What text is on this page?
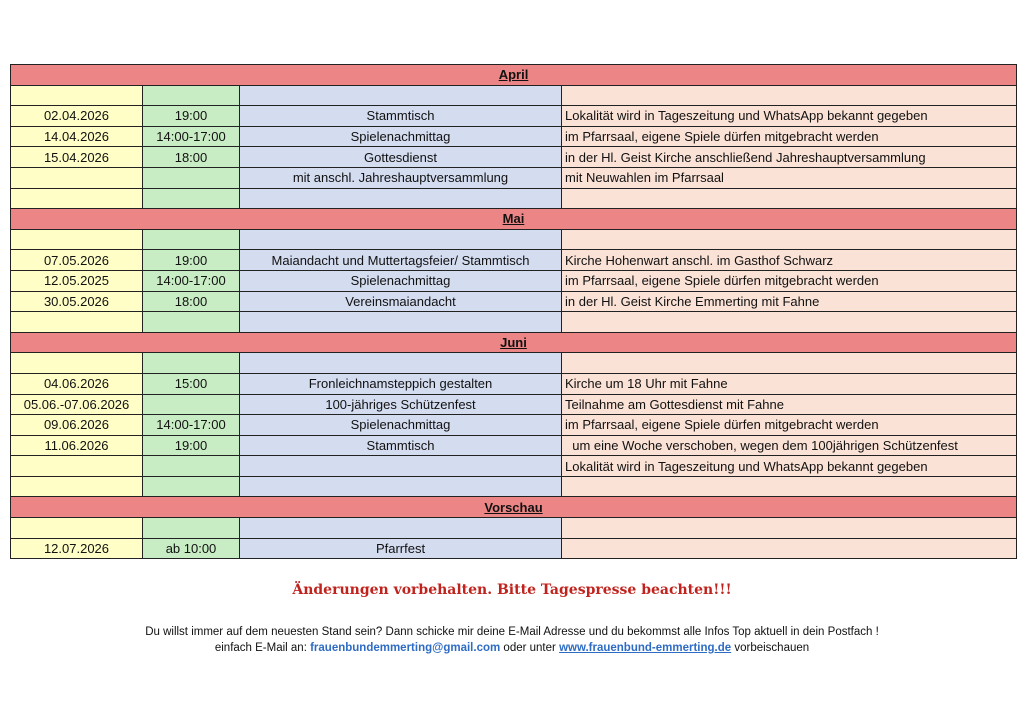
April			

02.04.2026	19:00	Stammtisch	Lokalität wird in Tageszeitung und WhatsApp bekannt gegeben
14.04.2026	14:00-17:00	Spielenachmittag	im Pfarrsaal, eigene Spiele dürfen mitgebracht werden
15.04.2026	18:00	Gottesdienst	in der Hl. Geist Kirche anschließend Jahreshauptversammlung
		mit anschl. Jahreshauptversammlung	mit Neuwahlen im Pfarrsaal

Mai			

07.05.2026	19:00	Maiandacht und Muttertagsfeier/ Stammtisch	Kirche Hohenwart anschl. im Gasthof Schwarz
12.05.2025	14:00-17:00	Spielenachmittag	im Pfarrsaal, eigene Spiele dürfen mitgebracht werden
30.05.2026	18:00	Vereinsmaiandacht	in der Hl. Geist Kirche Emmerting mit Fahne

Juni			

04.06.2026	15:00	Fronleichnamsteppich gestalten	Kirche um 18 Uhr mit Fahne
05.06.-07.06.2026		100-jähriges Schützenfest	Teilnahme am Gottesdienst mit Fahne
09.06.2026	14:00-17:00	Spielenachmittag	im Pfarrsaal, eigene Spiele dürfen mitgebracht werden
11.06.2026	19:00	Stammtisch	um eine Woche verschoben, wegen dem 100jährigen Schützenfest
			Lokalität wird in Tageszeitung und WhatsApp bekannt gegeben

Vorschau			

12.07.2026	ab 10:00	Pfarrfest	
Änderungen vorbehalten. Bitte Tagespresse beachten!!!
Du willst immer auf dem neuesten Stand sein? Dann schicke mir deine E-Mail Adresse und du bekommst alle Infos Top aktuell in dein Postfach !
einfach E-Mail an: frauenbundemmerting@gmail.com oder unter www.frauenbund-emmerting.de vorbeischauen
